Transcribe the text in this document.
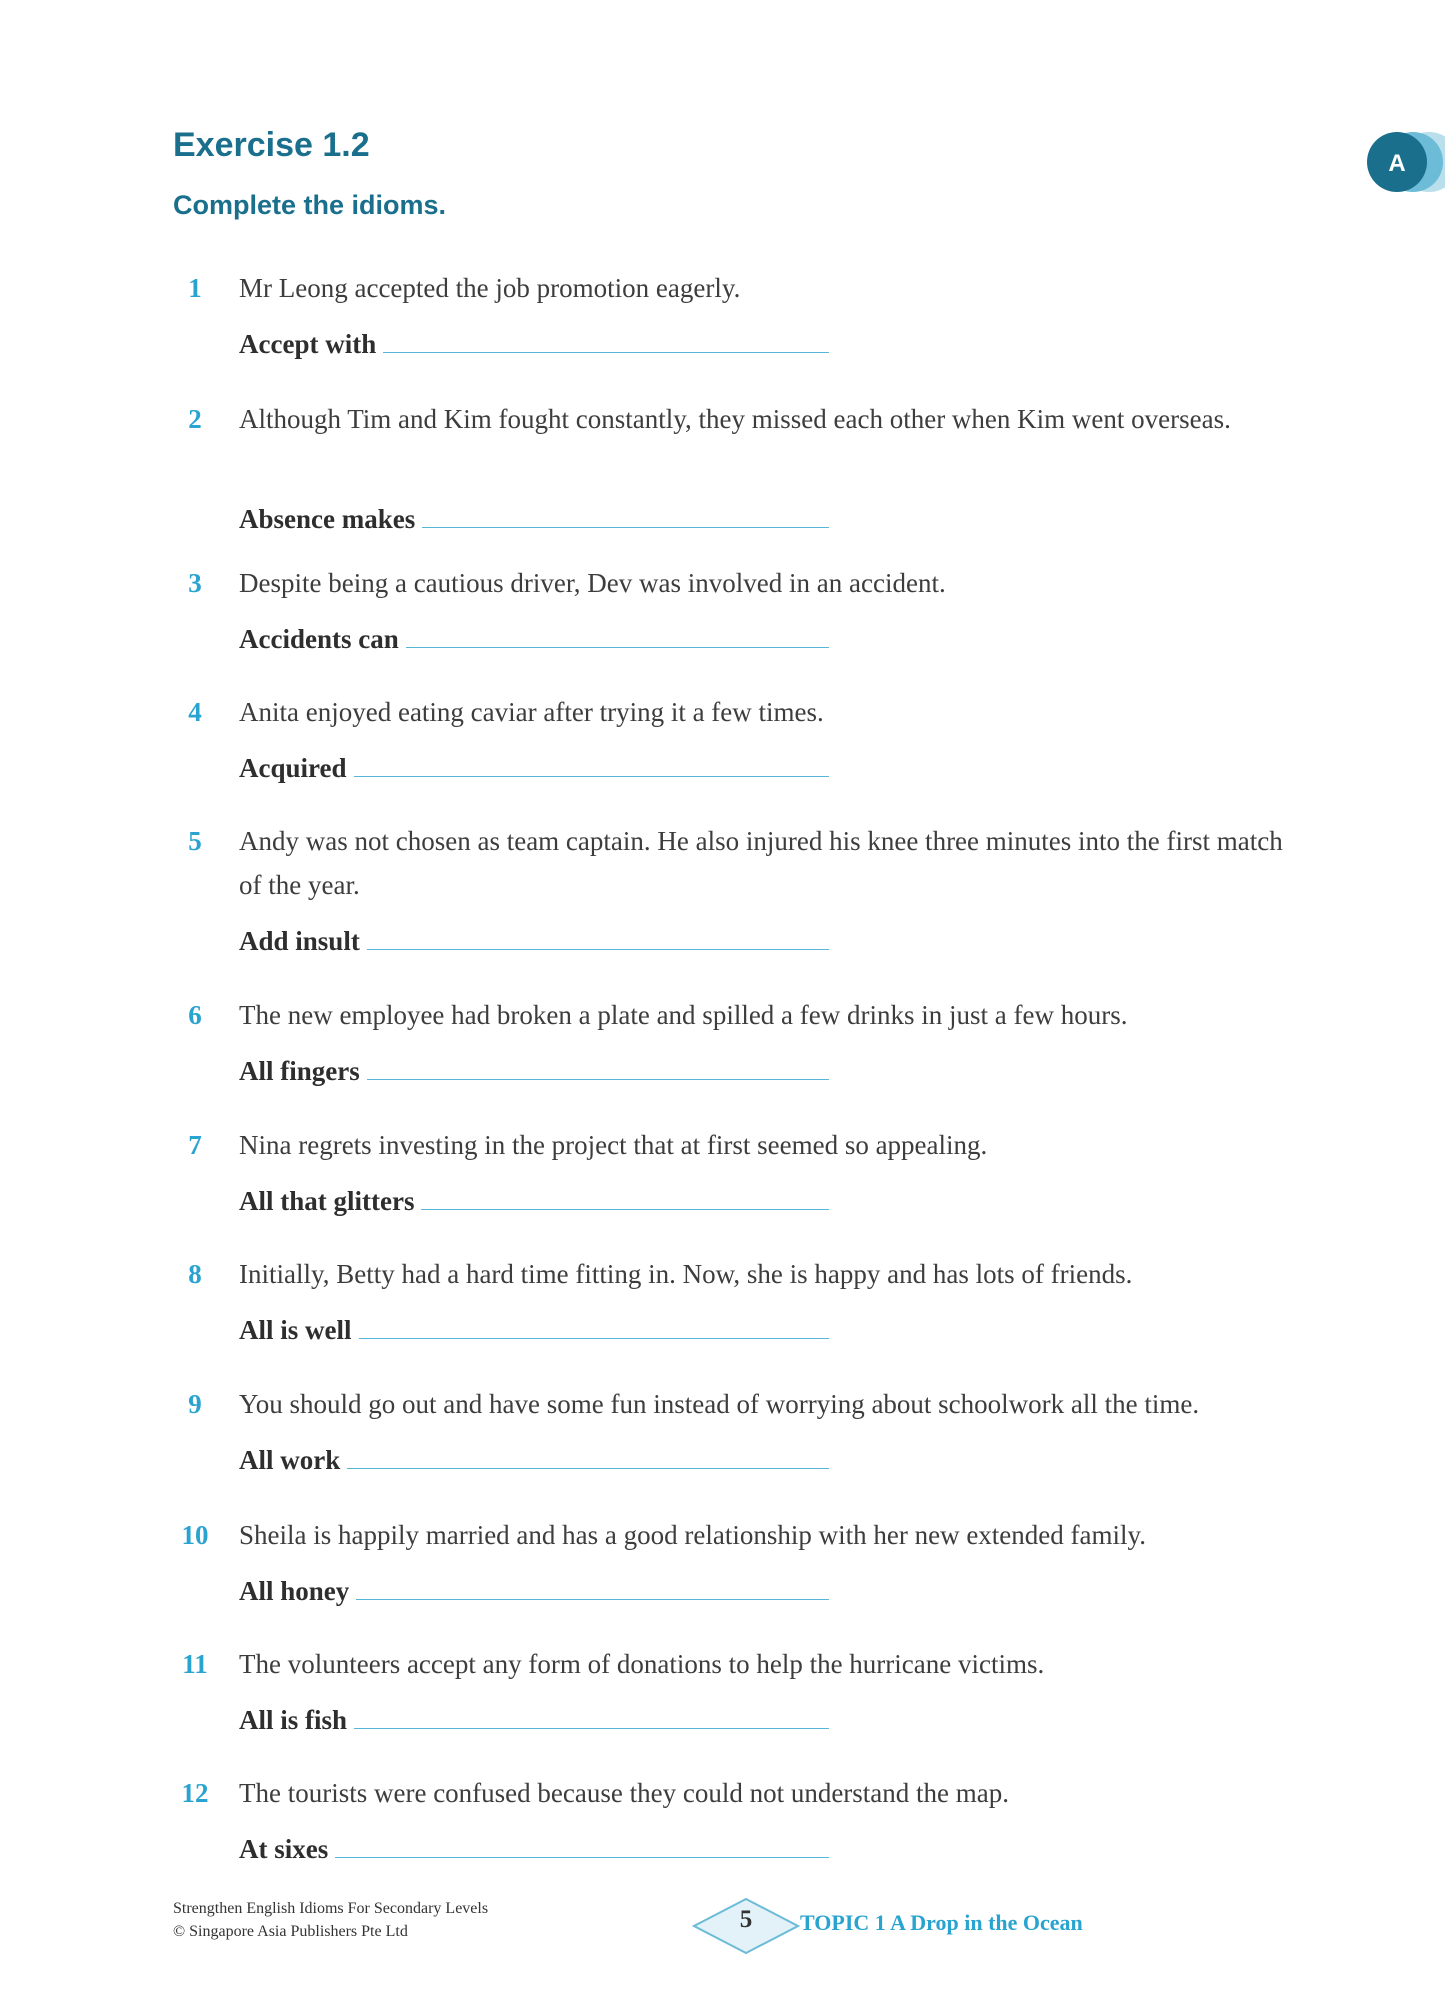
A
Exercise 1.2

Complete the idioms.

1	Mr Leong accepted the job promotion eagerly.
Accept with
2	Although Tim and Kim fought constantly, they missed each other when Kim went overseas.
Absence makes
3	Despite being a cautious driver, Dev was involved in an accident.
Accidents can
4	Anita enjoyed eating caviar after trying it a few times.
Acquired
5	Andy was not chosen as team captain. He also injured his knee three minutes into the first match of the year.
Add insult
6	The new employee had broken a plate and spilled a few drinks in just a few hours.
All fingers
7	Nina regrets investing in the project that at first seemed so appealing.
All that glitters
8	Initially, Betty had a hard time fitting in. Now, she is happy and has lots of friends.
All is well
9	You should go out and have some fun instead of worrying about schoolwork all the time.
All work
10	Sheila is happily married and has a good relationship with her new extended family.
All honey
11	The volunteers accept any form of donations to help the hurricane victims.
All is fish
12	The tourists were confused because they could not understand the map.
At sixes
Strengthen English Idioms For Secondary Levels
© Singapore Asia Publishers Pte Ltd	5	TOPIC 1 A Drop in the Ocean
